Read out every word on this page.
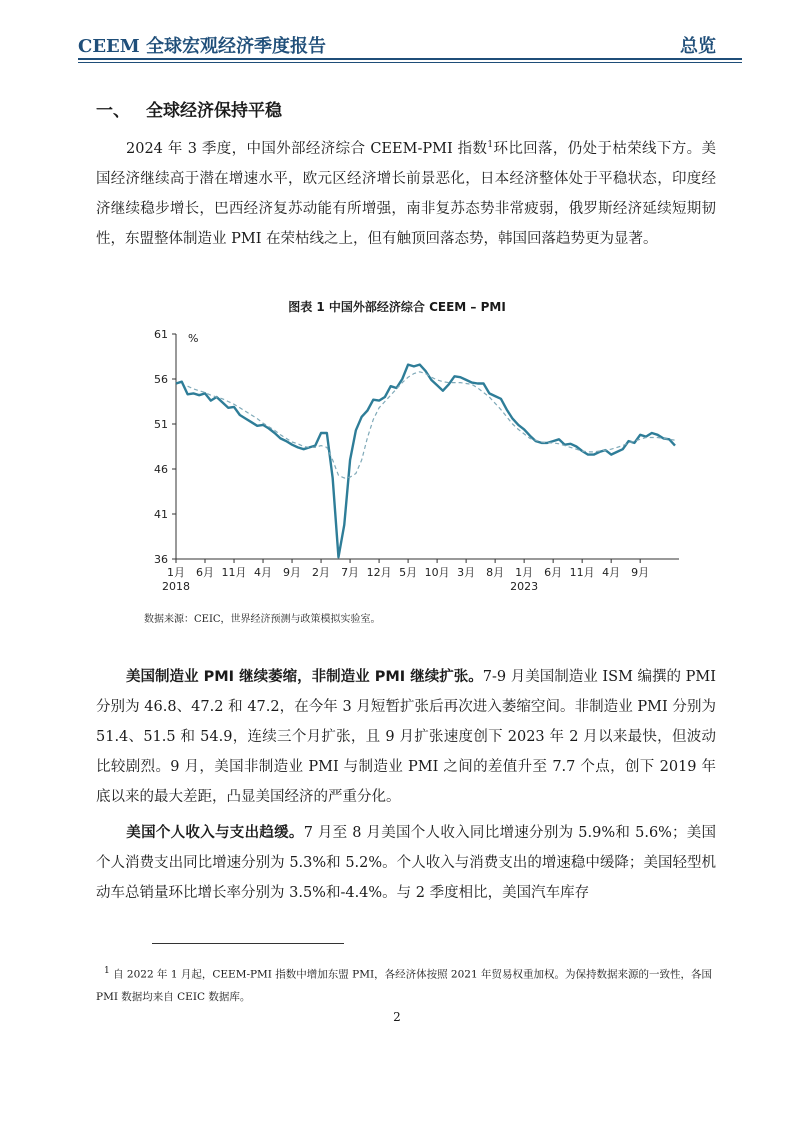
CEEM 全球宏观经济季度报告	总览
一、 全球经济保持平稳
2024 年 3 季度，中国外部经济综合 CEEM-PMI 指数$^1$环比回落，仍处于枯荣线下方。美国经济继续高于潜在增速水平，欧元区经济增长前景恶化，日本经济整体处于平稳状态，印度经济继续稳步增长，巴西经济复苏动能有所增强，南非复苏态势非常疲弱，俄罗斯经济延续短期韧性，东盟整体制造业 PMI 在荣枯线之上，但有触顶回落态势，韩国回落趋势更为显著。
图表 1 中国外部经济综合 CEEM – PMI
36
41
46
51
56
61 %
1月 6月 11月 4月 9月 2月 7月 12月 5月 10月 3月 8月 1月 6月 11月 4月 9月
2018	2023
数据来源：CEIC，世界经济预测与政策模拟实验室。
美国制造业 PMI 继续萎缩，非制造业 PMI 继续扩张。7-9 月美国制造业 ISM 编撰的 PMI 分别为 46.8、47.2 和 47.2，在今年 3 月短暂扩张后再次进入萎缩空间。非制造业 PMI 分别为 51.4、51.5 和 54.9，连续三个月扩张，且 9 月扩张速度创下 2023 年 2 月以来最快，但波动比较剧烈。9 月，美国非制造业 PMI 与制造业 PMI 之间的差值升至 7.7 个点，创下 2019 年底以来的最大差距，凸显美国经济的严重分化。
美国个人收入与支出趋缓。7 月至 8 月美国个人收入同比增速分别为 5.9%和 5.6%；美国个人消费支出同比增速分别为 5.3%和 5.2%。个人收入与消费支出的增速稳中缓降；美国轻型机动车总销量环比增长率分别为 3.5%和-4.4%。与 2 季度相比，美国汽车库存
$^1$ 自 2022 年 1 月起，CEEM-PMI 指数中增加东盟 PMI，各经济体按照 2021 年贸易权重加权。为保持数据来源的一致性，各国 PMI 数据均来自 CEIC 数据库。
2
